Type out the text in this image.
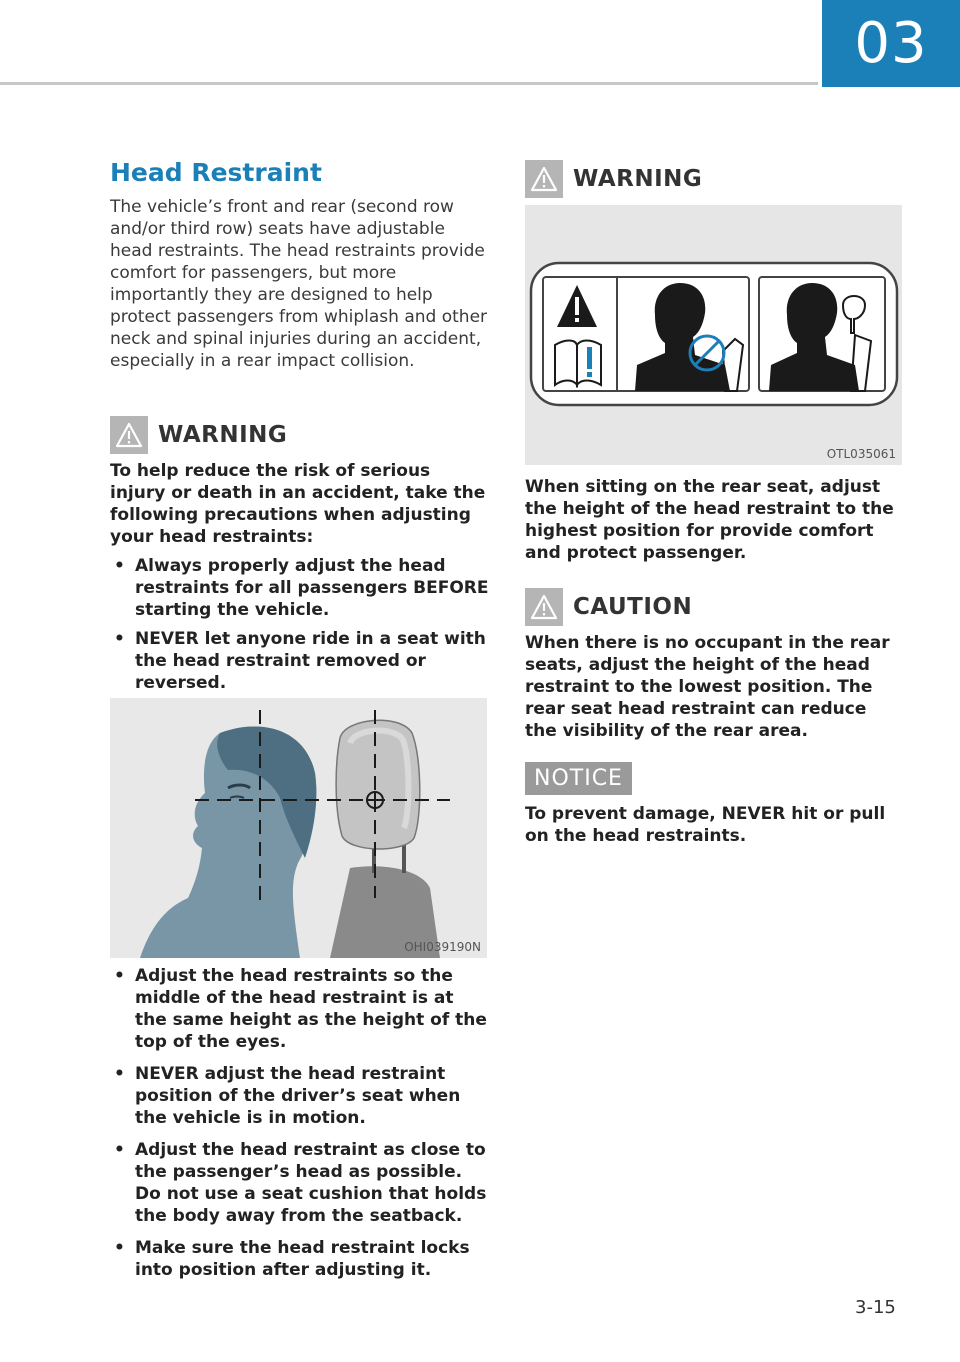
03
Head Restraint

The vehicle’s front and rear (second row and/or third row) seats have adjustable head restraints. The head restraints provide comfort for passengers, but more importantly they are designed to help protect passengers from whiplash and other neck and spinal injuries during an accident, especially in a rear impact collision.

WARNING

To help reduce the risk of serious injury or death in an accident, take the following precautions when adjusting your head restraints:

• Always properly adjust the head restraints for all passengers BEFORE starting the vehicle.
• NEVER let anyone ride in a seat with the head restraint removed or reversed.
OHI039190N
• Adjust the head restraints so the middle of the head restraint is at the same height as the height of the top of the eyes.
• NEVER adjust the head restraint position of the driver’s seat when the vehicle is in motion.
• Adjust the head restraint as close to the passenger’s head as possible. Do not use a seat cushion that holds the body away from the seatback.
• Make sure the head restraint locks into position after adjusting it.
WARNING
OTL035061

When sitting on the rear seat, adjust the height of the head restraint to the highest position for provide comfort and protect passenger.

CAUTION

When there is no occupant in the rear seats, adjust the height of the head restraint to the lowest position. The rear seat head restraint can reduce the visibility of the rear area.

NOTICE

To prevent damage, NEVER hit or pull on the head restraints.

3-15
